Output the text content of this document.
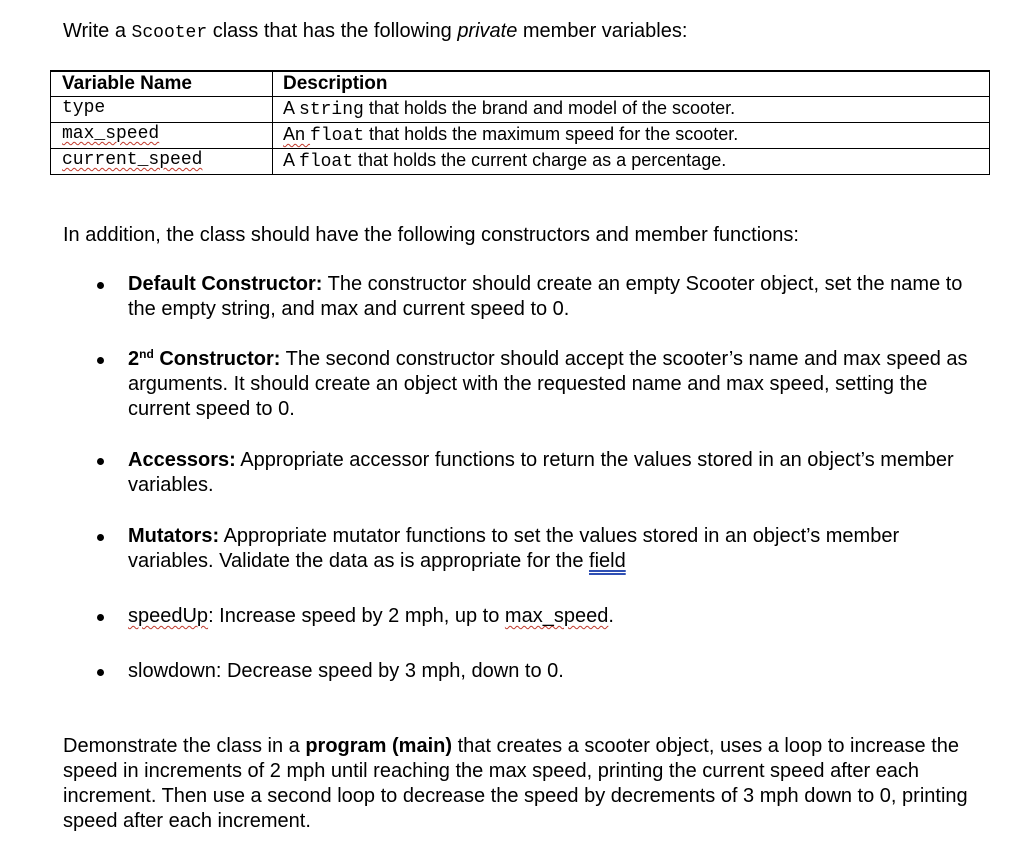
Write a Scooter class that has the following private member variables:
Variable Name	Description
type	A string that holds the brand and model of the scooter.
max_speed	An float that holds the maximum speed for the scooter.
current_speed	A float that holds the current charge as a percentage.
In addition, the class should have the following constructors and member functions:
Default Constructor: The constructor should create an empty Scooter object, set the name to the empty string, and max and current speed to 0.
2nd Constructor: The second constructor should accept the scooter’s name and max speed as arguments. It should create an object with the requested name and max speed, setting the current speed to 0.
Accessors: Appropriate accessor functions to return the values stored in an object’s member variables.
Mutators: Appropriate mutator functions to set the values stored in an object’s member variables. Validate the data as is appropriate for the field
speedUp: Increase speed by 2 mph, up to max_speed.
slowdown: Decrease speed by 3 mph, down to 0.
Demonstrate the class in a program (main) that creates a scooter object, uses a loop to increase the speed in increments of 2 mph until reaching the max speed, printing the current speed after each increment. Then use a second loop to decrease the speed by decrements of 3 mph down to 0, printing speed after each increment.
